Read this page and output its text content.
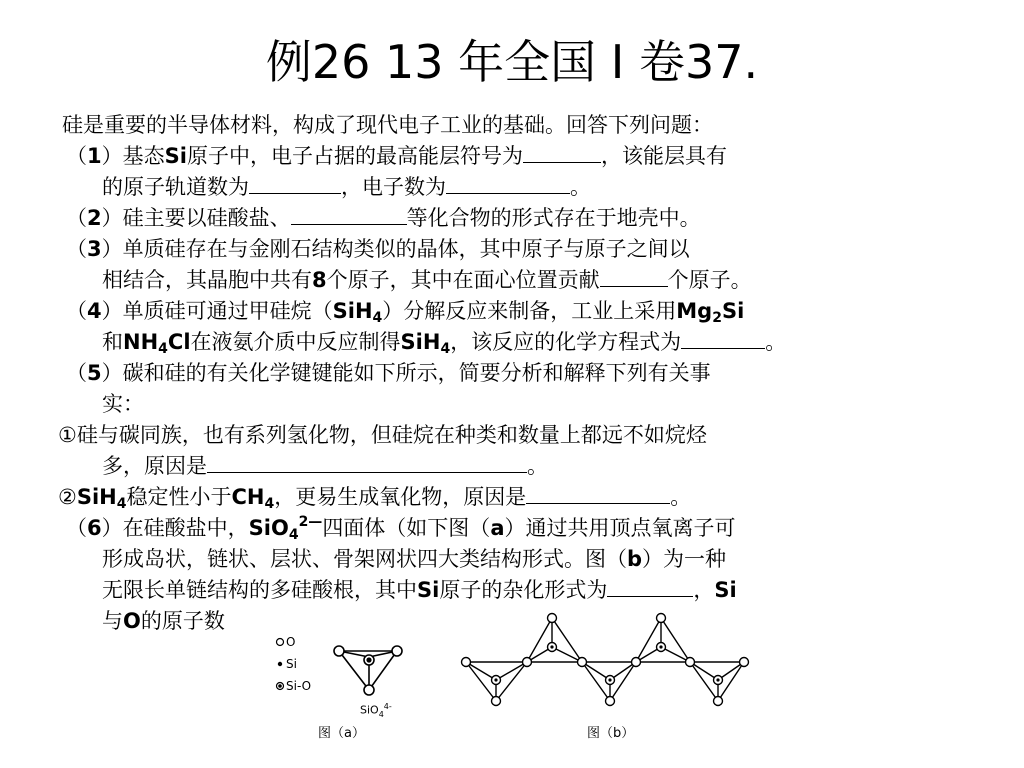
例26 13 年全国 I 卷37.

硅是重要的半导体材料，构成了现代电子工业的基础。回答下列问题：

（1）基态Si原子中，电子占据的最高能层符号为	，该能层具有

的原子轨道数为	，电子数为	。

（2）硅主要以硅酸盐、	等化合物的形式存在于地壳中。

（3）单质硅存在与金刚石结构类似的晶体，其中原子与原子之间以

相结合，其晶胞中共有8个原子，其中在面心位置贡献	个原子。

（4）单质硅可通过甲硅烷（SiH$_4$）分解反应来制备，工业上采用$Mg_2Si$

和$NH_4Cl$在液氨介质中反应制得SiH$_4$，该反应的化学方程式为	。

（5）碳和硅的有关化学键键能如下所示，简要分析和解释下列有关事

实：

①硅与碳同族，也有系列氢化物，但硅烷在种类和数量上都远不如烷烃

多，原因是	。

②SiH$_4$稳定性小于$CH_4$，更易生成氧化物，原因是	。

（6）在硅酸盐中，SiO$_4^{2—}$四面体（如下图（a）通过共用顶点氧离子可

形成岛状，链状、层状、骨架网状四大类结构形式。图（b）为一种

无限长单链结构的多硅酸根，其中Si原子的杂化形式为	，Si

与O的原子数

O
Si
Si-O
SiO$_4^{4-}$
图（a）	图（b）
